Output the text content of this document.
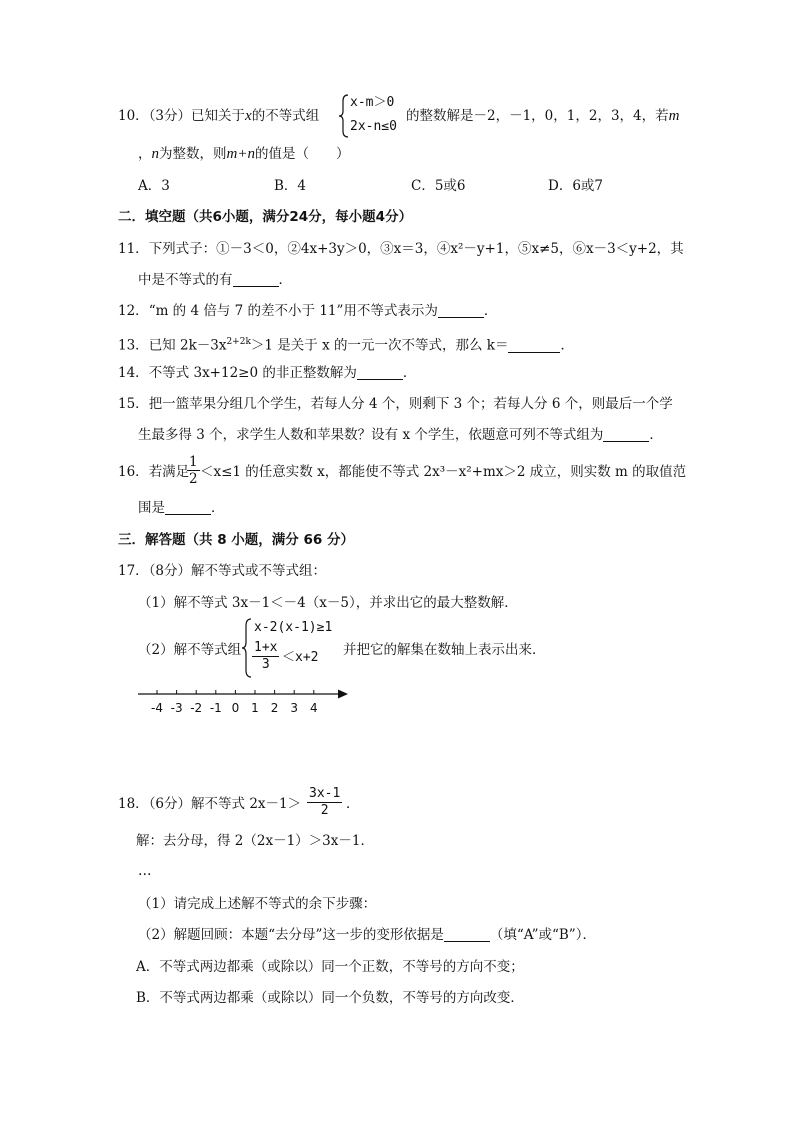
10．（3分）已知关于x的不等式组
x-m＞0
2x-n≤0
的整数解是－2，－1，0，1，2，3，4，若m
，n为整数，则m+n的值是（　　）
A．3	B．4	C．5或6	D．6或7
二．填空题（共6小题，满分24分，每小题4分）
11．下列式子：①－3＜0，②4x+3y＞0，③x＝3，④x²－y+1，⑤x≠5，⑥x－3＜y+2，其
中是不等式的有	．
12．“m 的 4 倍与 7 的差不小于 11”用不等式表示为	．
13．已知 $2k-3x^{2+2k}>1$ 是关于 x 的一元一次不等式，那么 k＝	．
14．不等式 3x+12≥0 的非正整数解为	．
15．把一篮苹果分组几个学生，若每人分 4 个，则剩下 3 个；若每人分 6 个，则最后一个学
生最多得 3 个，求学生人数和苹果数？设有 x 个学生，依题意可列不等式组为	．
16．若满足
$\frac{1}{2} <x\le 1$ 的任意实数 x，都能使不等式 2x³－x²+mx＞2 成立，则实数 m 的取值范
围是	．
三．解答题（共 8 小题，满分 66 分）
17．（8分）解不等式或不等式组：
（1）解不等式 3x－1＜－4（x－5），并求出它的最大整数解．
（2）解不等式组
x-2(x-1)≥1
$\frac{1+x}{3} <x+2$ 并把它的解集在数轴上表示出来．
-4 -3 -2 -1 0 1 2 3 4
18．（6分）解不等式 $2x-1> \frac{3x-1}{2}$ ．
解：去分母，得 2（2x－1）＞3x－1．
…
（1）请完成上述解不等式的余下步骤：
（2）解题回顾：本题“去分母”这一步的变形依据是	（填“A”或“B”）．
A．不等式两边都乘（或除以）同一个正数，不等号的方向不变；
B．不等式两边都乘（或除以）同一个负数，不等号的方向改变．
